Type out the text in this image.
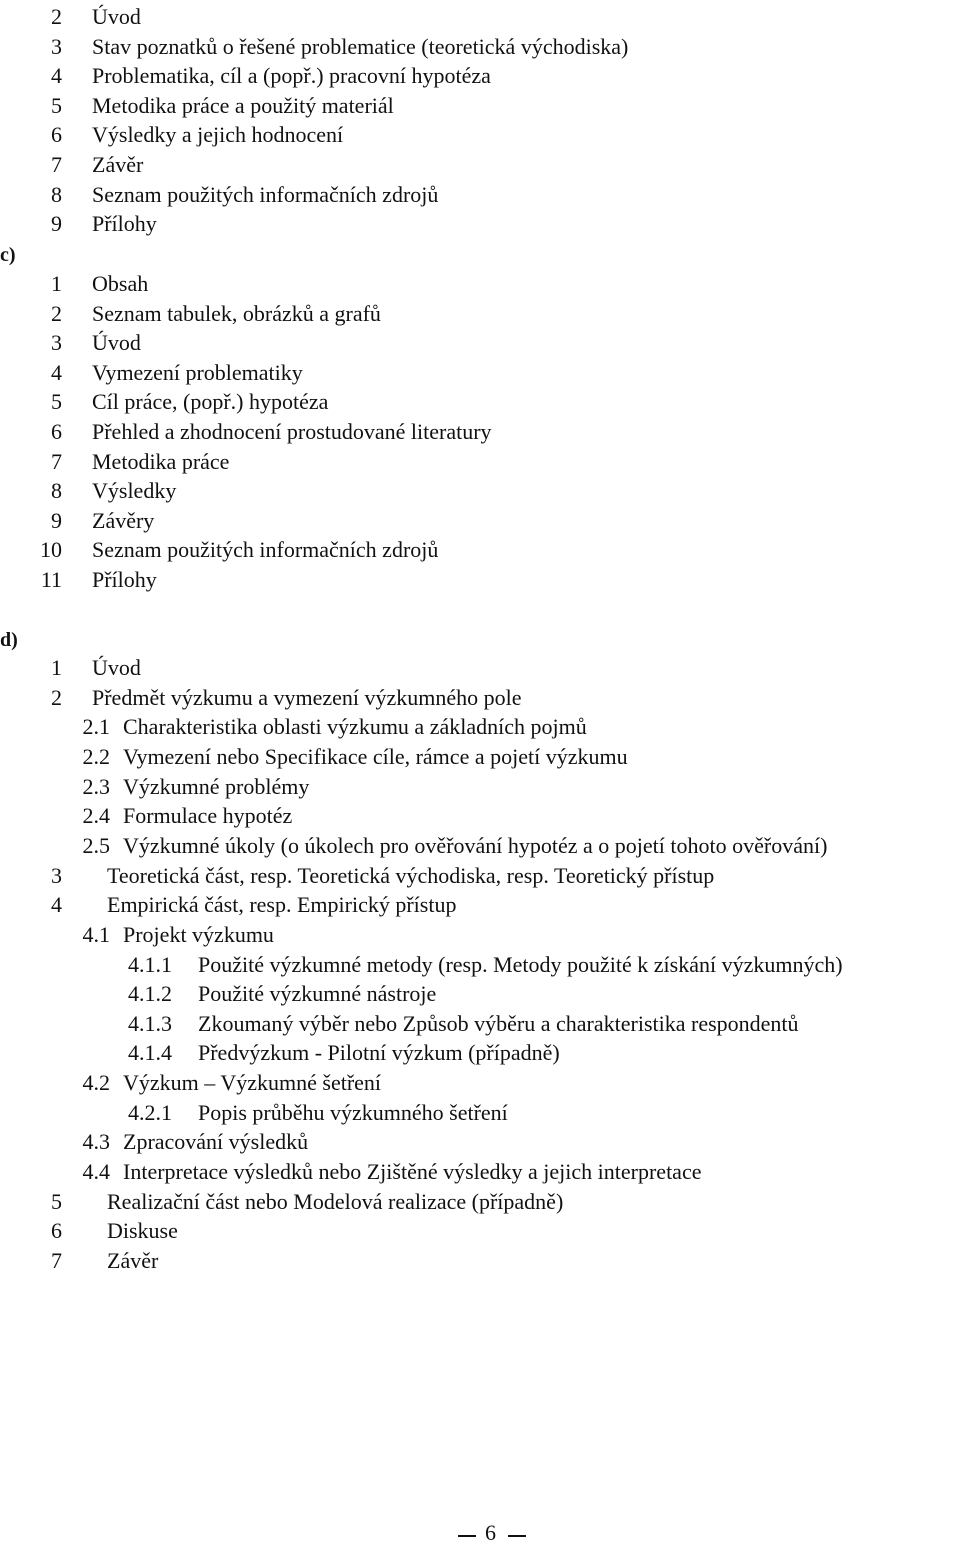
2 Úvod
3 Stav poznatků o řešené problematice (teoretická východiska)
4 Problematika, cíl a (popř.) pracovní hypotéza
5 Metodika práce a použitý materiál
6 Výsledky a jejich hodnocení
7 Závěr
8 Seznam použitých informačních zdrojů
9 Přílohy
1 Obsah
2 Seznam tabulek, obrázků a grafů
3 Úvod
4 Vymezení problematiky
5 Cíl práce, (popř.) hypotéza
6 Přehled a zhodnocení prostudované literatury
7 Metodika práce
8 Výsledky
9 Závěry
10 Seznam použitých informačních zdrojů
11 Přílohy
1 Úvod
2 Předmět výzkumu a vymezení výzkumného pole
2.1 Charakteristika oblasti výzkumu a základních pojmů
2.2 Vymezení nebo Specifikace cíle, rámce a pojetí výzkumu
2.3 Výzkumné problémy
2.4 Formulace hypotéz
2.5 Výzkumné úkoly (o úkolech pro ověřování hypotéz a o pojetí tohoto ověřování)
3 Teoretická část, resp. Teoretická východiska, resp. Teoretický přístup
4 Empirická část, resp. Empirický přístup
4.1 Projekt výzkumu
4.1.1 Použité výzkumné metody (resp. Metody použité k získání výzkumných)
4.1.2 Použité výzkumné nástroje
4.1.3 Zkoumaný výběr nebo Způsob výběru a charakteristika respondentů
4.1.4 Předvýzkum - Pilotní výzkum (případně)
4.2 Výzkum – Výzkumné šetření
4.2.1 Popis průběhu výzkumného šetření
4.3 Zpracování výsledků
4.4 Interpretace výsledků nebo Zjištěné výsledky a jejich interpretace
5 Realizační část nebo Modelová realizace (případně)
6 Diskuse
7 Závěr
c)
d)
6
